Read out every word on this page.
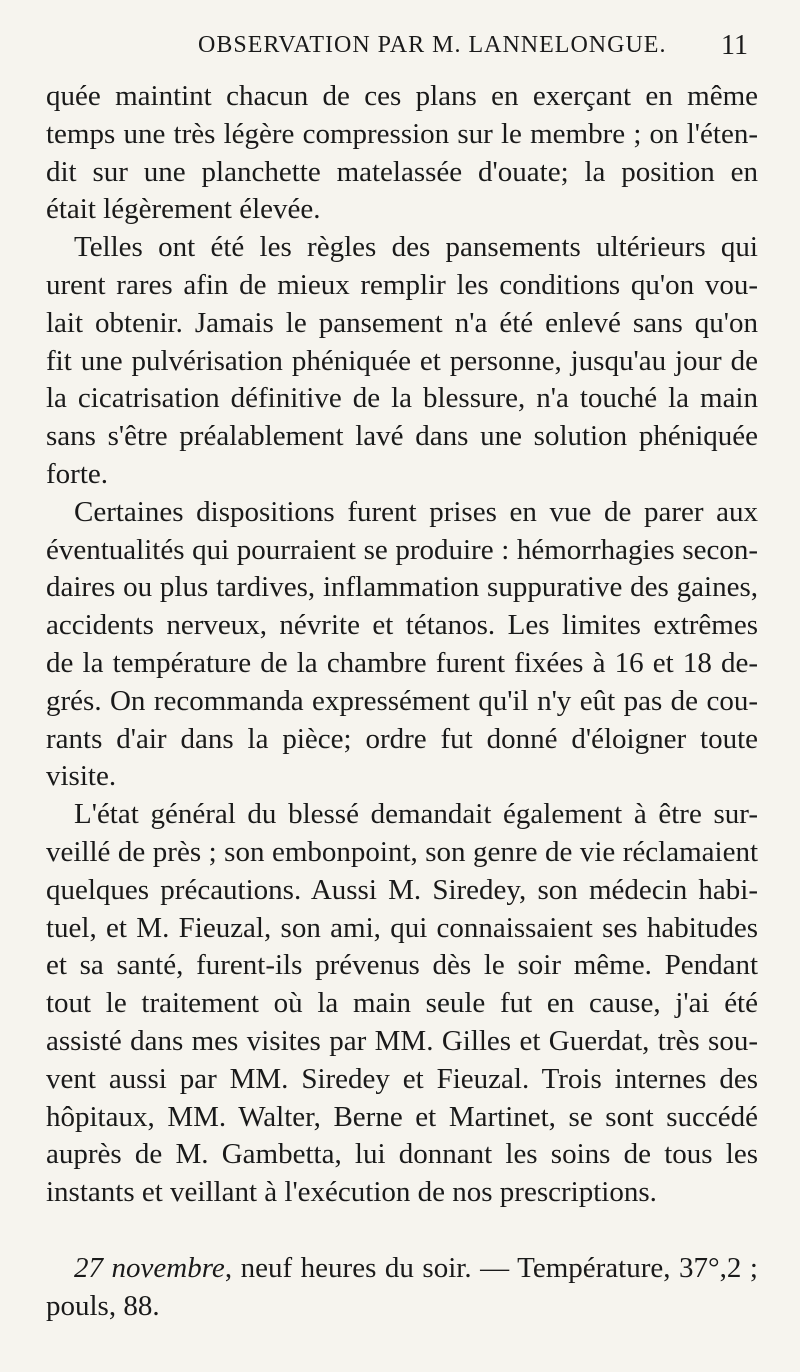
OBSERVATION PAR M. LANNELONGUE. 11
quée maintint chacun de ces plans en exerçant en même
temps une très légère compression sur le membre ; on l'éten-
dit sur une planchette matelassée d'ouate; la position en
était légèrement élevée.
Telles ont été les règles des pansements ultérieurs qui
urent rares afin de mieux remplir les conditions qu'on vou-
lait obtenir. Jamais le pansement n'a été enlevé sans qu'on
fit une pulvérisation phéniquée et personne, jusqu'au jour de
la cicatrisation définitive de la blessure, n'a touché la main
sans s'être préalablement lavé dans une solution phéniquée
forte.
Certaines dispositions furent prises en vue de parer aux
éventualités qui pourraient se produire : hémorrhagies secon-
daires ou plus tardives, inflammation suppurative des gaines,
accidents nerveux, névrite et tétanos. Les limites extrêmes
de la température de la chambre furent fixées à 16 et 18 de-
grés. On recommanda expressément qu'il n'y eût pas de cou-
rants d'air dans la pièce; ordre fut donné d'éloigner toute
visite.
L'état général du blessé demandait également à être sur-
veillé de près ; son embonpoint, son genre de vie réclamaient
quelques précautions. Aussi M. Siredey, son médecin habi-
tuel, et M. Fieuzal, son ami, qui connaissaient ses habitudes
et sa santé, furent-ils prévenus dès le soir même. Pendant
tout le traitement où la main seule fut en cause, j'ai été
assisté dans mes visites par MM. Gilles et Guerdat, très sou-
vent aussi par MM. Siredey et Fieuzal. Trois internes des
hôpitaux, MM. Walter, Berne et Martinet, se sont succédé
auprès de M. Gambetta, lui donnant les soins de tous les
instants et veillant à l'exécution de nos prescriptions.
27 novembre, neuf heures du soir. — Température, 37°,2 ;
pouls, 88.
